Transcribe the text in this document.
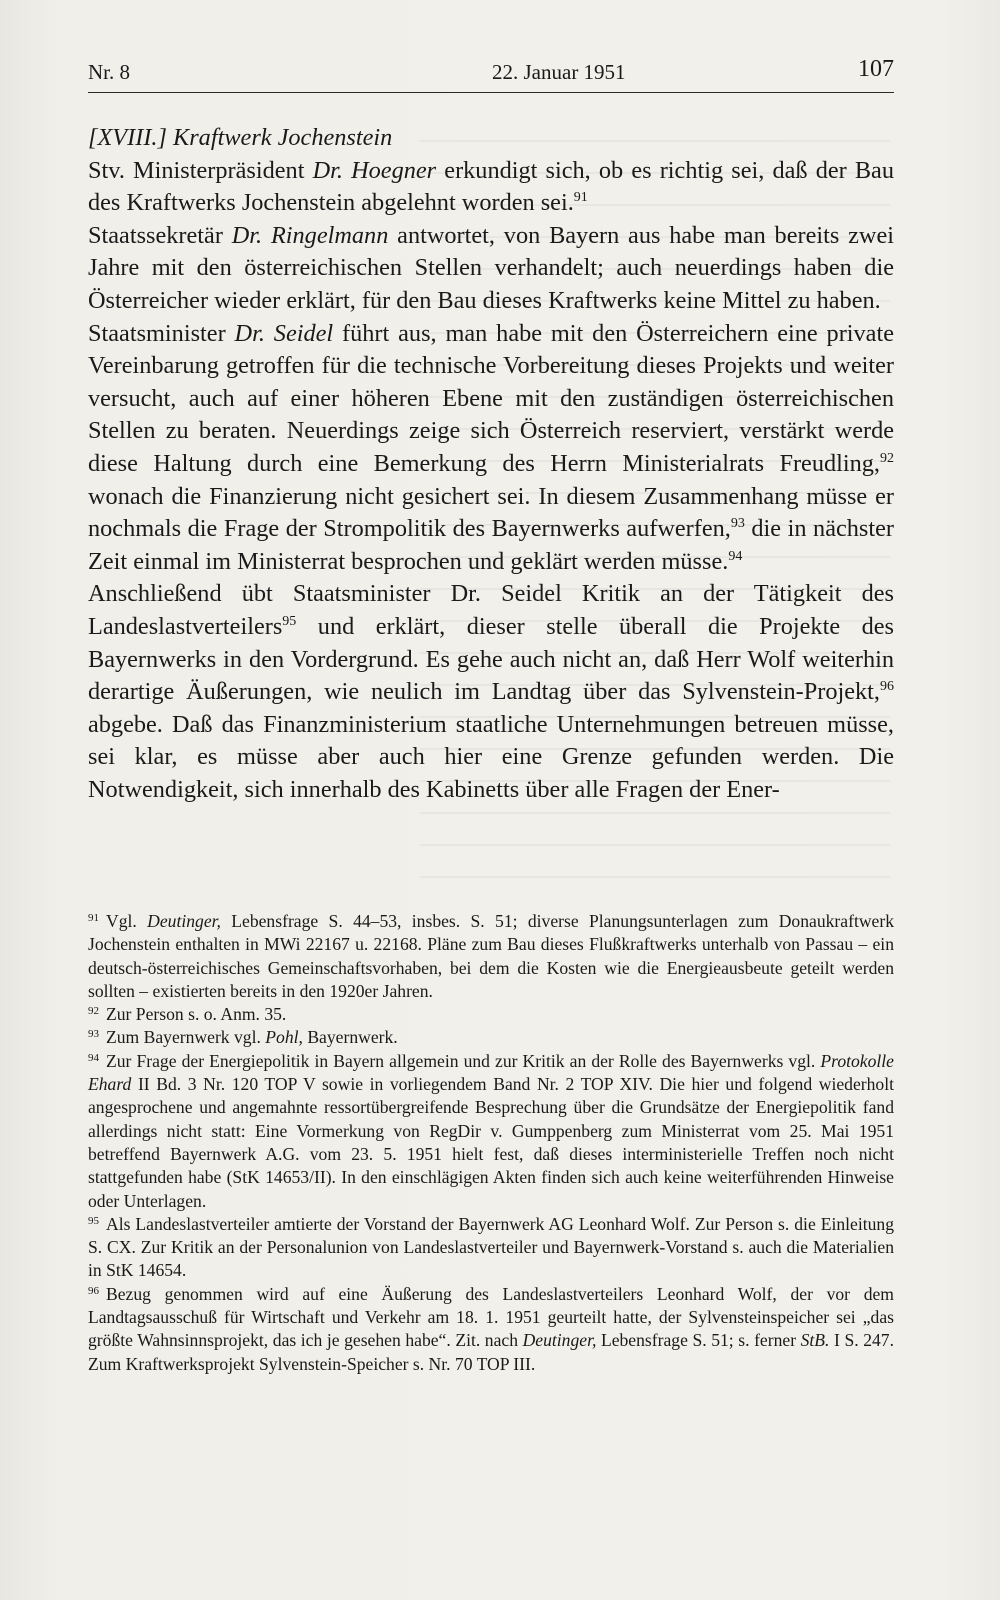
Nr. 8	22. Januar 1951	107

[XVIII.] Kraftwerk Jochenstein

Stv. Ministerpräsident Dr. Hoegner erkundigt sich, ob es richtig sei, daß der Bau des Kraftwerks Jochenstein abgelehnt worden sei.$^{91}$

Staatssekretär Dr. Ringelmann antwortet, von Bayern aus habe man bereits zwei Jahre mit den österreichischen Stellen verhandelt; auch neuerdings haben die Österreicher wieder erklärt, für den Bau dieses Kraftwerks keine Mittel zu haben.

Staatsminister Dr. Seidel führt aus, man habe mit den Österreichern eine private Vereinbarung getroffen für die technische Vorbereitung dieses Projekts und weiter versucht, auch auf einer höheren Ebene mit den zuständigen österreichischen Stellen zu beraten. Neuerdings zeige sich Österreich reserviert, verstärkt werde diese Haltung durch eine Bemerkung des Herrn Ministerialrats Freudling,$^{92}$ wonach die Finanzierung nicht gesichert sei. In diesem Zusammenhang müsse er nochmals die Frage der Strompolitik des Bayernwerks aufwerfen,$^{93}$ die in nächster Zeit einmal im Ministerrat besprochen und geklärt werden müsse.$^{94}$

Anschließend übt Staatsminister Dr. Seidel Kritik an der Tätigkeit des Landeslastverteilers$^{95}$ und erklärt, dieser stelle überall die Projekte des Bayernwerks in den Vordergrund. Es gehe auch nicht an, daß Herr Wolf weiterhin derartige Äußerungen, wie neulich im Landtag über das Sylvenstein-Projekt,$^{96}$ abgebe. Daß das Finanzministerium staatliche Unternehmungen betreuen müsse, sei klar, es müsse aber auch hier eine Grenze gefunden werden. Die Notwendigkeit, sich innerhalb des Kabinetts über alle Fragen der Ener-

91 Vgl. Deutinger, Lebensfrage S. 44–53, insbes. S. 51; diverse Planungsunterlagen zum Donaukraftwerk Jochenstein enthalten in MWi 22167 u. 22168. Pläne zum Bau dieses Flußkraftwerks unterhalb von Passau – ein deutsch-österreichisches Gemeinschaftsvorhaben, bei dem die Kosten wie die Energieausbeute geteilt werden sollten – existierten bereits in den 1920er Jahren.

92 Zur Person s. o. Anm. 35.

93 Zum Bayernwerk vgl. Pohl, Bayernwerk.

94 Zur Frage der Energiepolitik in Bayern allgemein und zur Kritik an der Rolle des Bayernwerks vgl. Protokolle Ehard II Bd. 3 Nr. 120 TOP V sowie in vorliegendem Band Nr. 2 TOP XIV. Die hier und folgend wiederholt angesprochene und angemahnte ressortübergreifende Besprechung über die Grundsätze der Energiepolitik fand allerdings nicht statt: Eine Vormerkung von RegDir v. Gumppenberg zum Ministerrat vom 25. Mai 1951 betreffend Bayernwerk A.G. vom 23. 5. 1951 hielt fest, daß dieses interministerielle Treffen noch nicht stattgefunden habe (StK 14653/II). In den einschlägigen Akten finden sich auch keine weiterführenden Hinweise oder Unterlagen.

95 Als Landeslastverteiler amtierte der Vorstand der Bayernwerk AG Leonhard Wolf. Zur Person s. die Einleitung S. CX. Zur Kritik an der Personalunion von Landeslastverteiler und Bayernwerk-Vorstand s. auch die Materialien in StK 14654.

96 Bezug genommen wird auf eine Äußerung des Landeslastverteilers Leonhard Wolf, der vor dem Landtagsausschuß für Wirtschaft und Verkehr am 18. 1. 1951 geurteilt hatte, der Sylvensteinspeicher sei „das größte Wahnsinnsprojekt, das ich je gesehen habe“. Zit. nach Deutinger, Lebensfrage S. 51; s. ferner StB. I S. 247. Zum Kraftwerksprojekt Sylvenstein-Speicher s. Nr. 70 TOP III.
